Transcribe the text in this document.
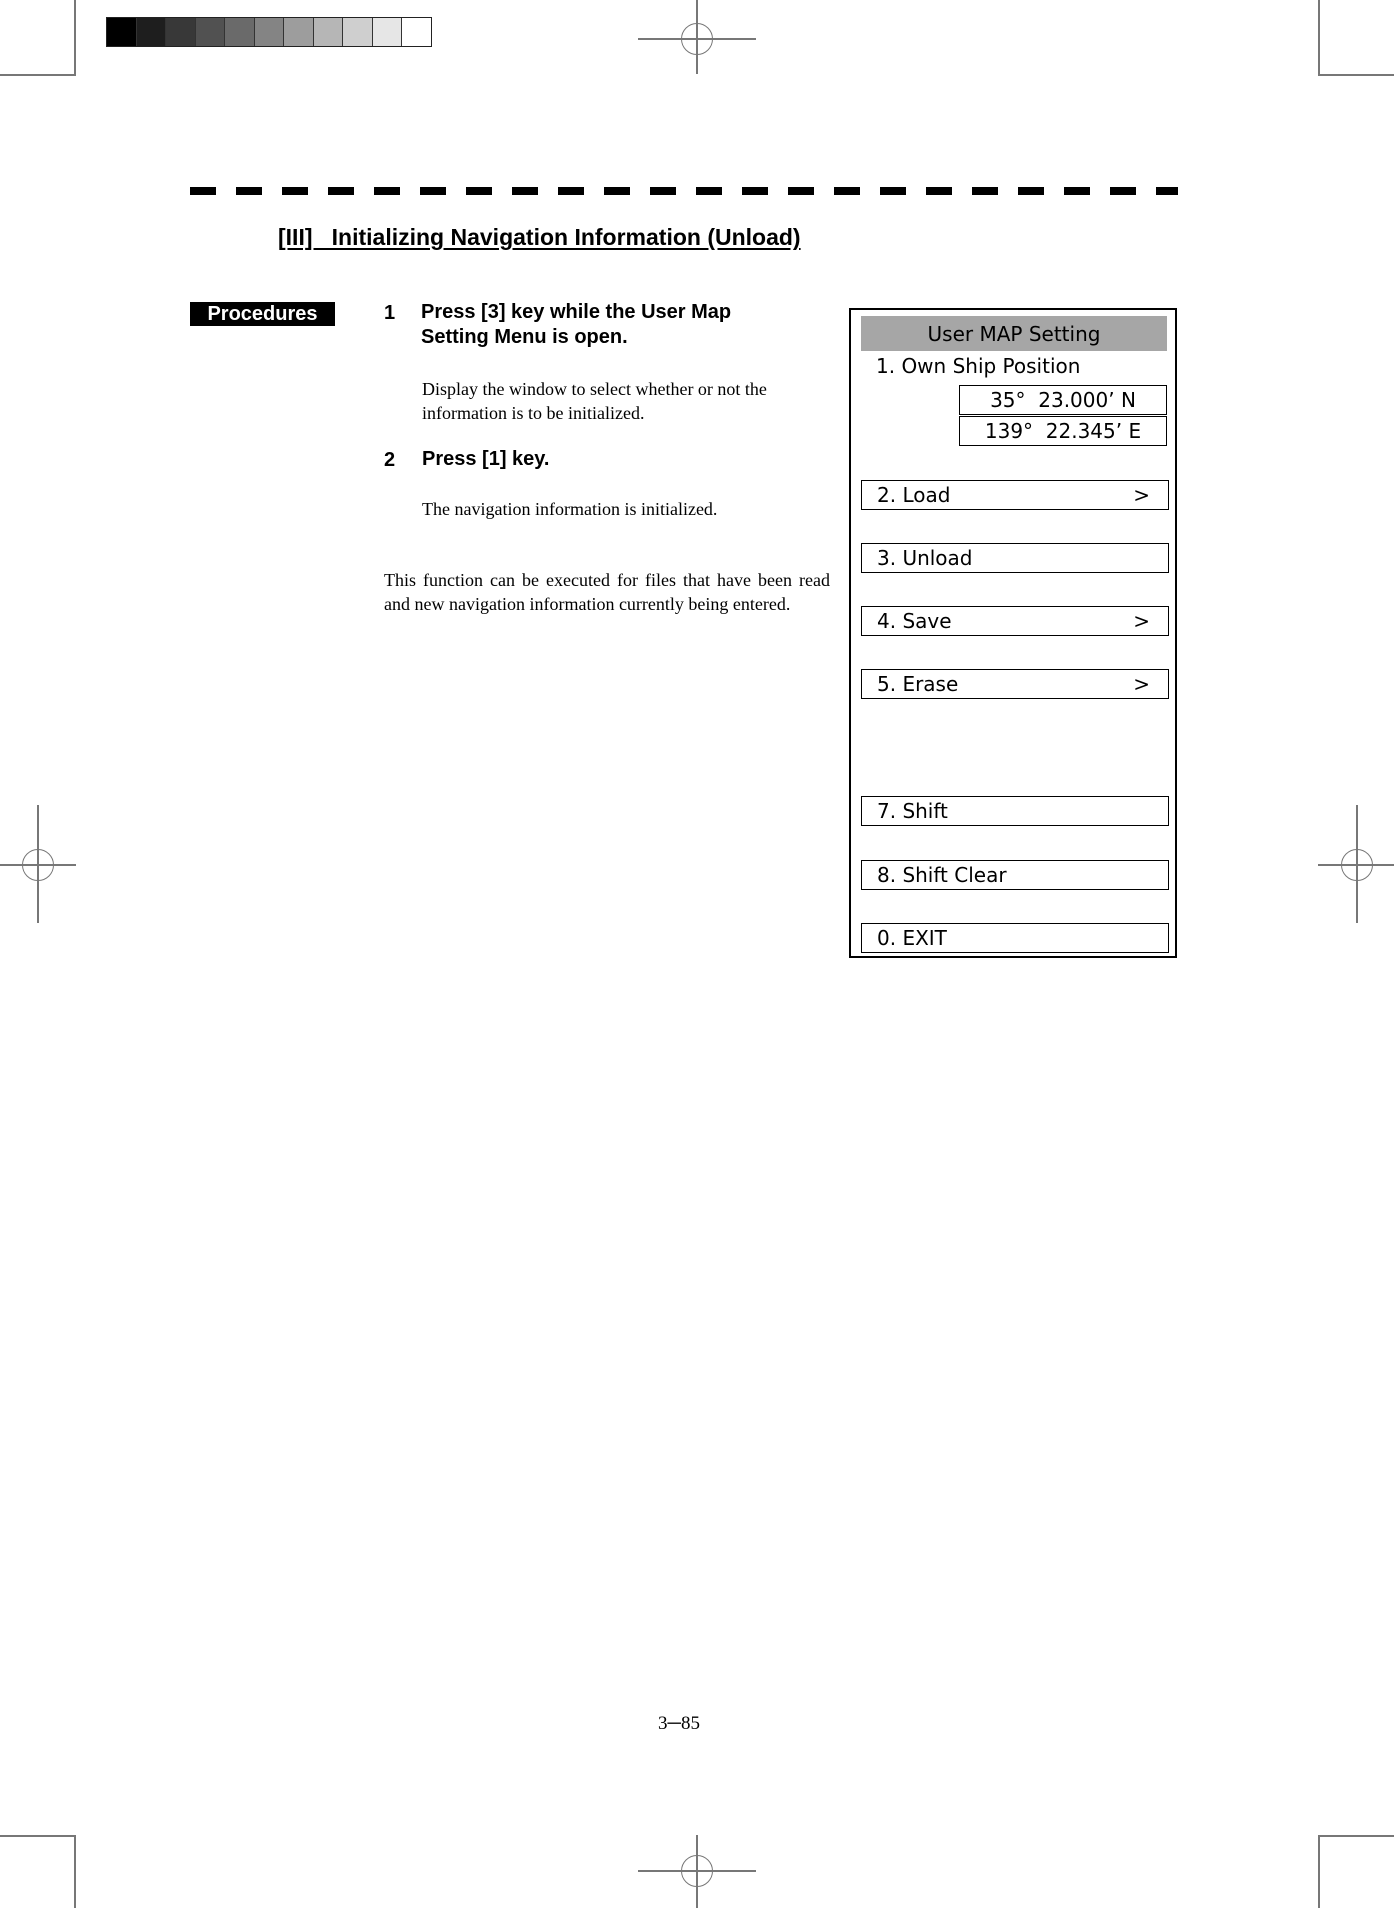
[III]   Initializing Navigation Information (Unload)
Procedures	1 Press [3] key while the User Map
Setting Menu is open.
Display the window to select whether or not the
information is to be initialized.
2 Press [1] key.
The navigation information is initialized.
This function can be executed for files that have been read and new navigation information currently being entered.
User MAP Setting
1. Own Ship Position
35°  23.000’ N
139°  22.345’ E
2. Load	>
3. Unload
4. Save	>
5. Erase	>
7. Shift
8. Shift Clear
0. EXIT
3─85
